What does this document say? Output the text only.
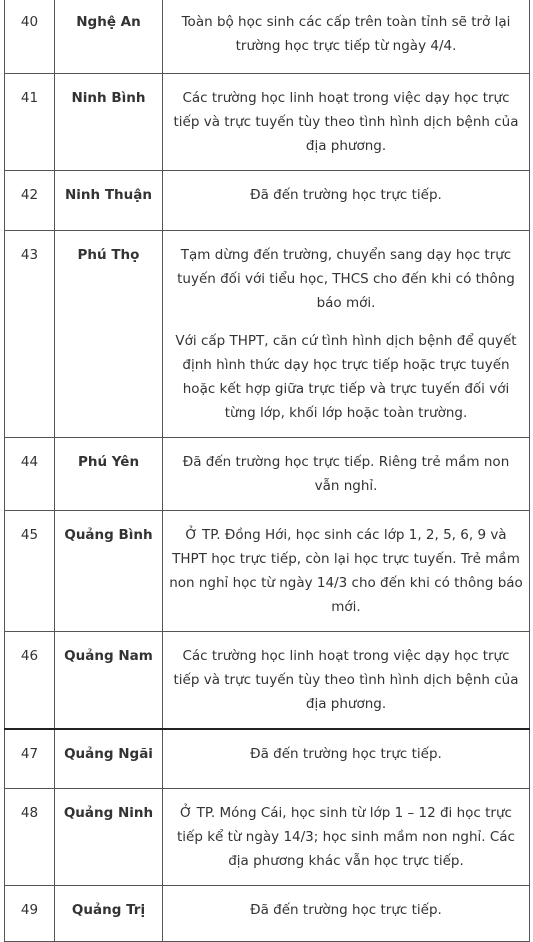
40	Nghệ An	Toàn bộ học sinh các cấp trên toàn tỉnh sẽ trở lại trường học trực tiếp từ ngày 4/4.

41	Ninh Bình	Các trường học linh hoạt trong việc dạy học trực tiếp và trực tuyến tùy theo tình hình dịch bệnh của địa phương.

42	Ninh Thuận	Đã đến trường học trực tiếp.

43	Phú Thọ	Tạm dừng đến trường, chuyển sang dạy học trực tuyến đối với tiểu học, THCS cho đến khi có thông báo mới.
Với cấp THPT, căn cứ tình hình dịch bệnh để quyết định hình thức dạy học trực tiếp hoặc trực tuyến hoặc kết hợp giữa trực tiếp và trực tuyến đối với từng lớp, khối lớp hoặc toàn trường.

44	Phú Yên	Đã đến trường học trực tiếp. Riêng trẻ mầm non vẫn nghỉ.

45	Quảng Bình	Ở TP. Đồng Hới, học sinh các lớp 1, 2, 5, 6, 9 và THPT học trực tiếp, còn lại học trực tuyến. Trẻ mầm non nghỉ học từ ngày 14/3 cho đến khi có thông báo mới.

46	Quảng Nam	Các trường học linh hoạt trong việc dạy học trực tiếp và trực tuyến tùy theo tình hình dịch bệnh của địa phương.

47	Quảng Ngãi	Đã đến trường học trực tiếp.

48	Quảng Ninh	Ở TP. Móng Cái, học sinh từ lớp 1 – 12 đi học trực tiếp kể từ ngày 14/3; học sinh mầm non nghỉ. Các địa phương khác vẫn học trực tiếp.

49	Quảng Trị	Đã đến trường học trực tiếp.
